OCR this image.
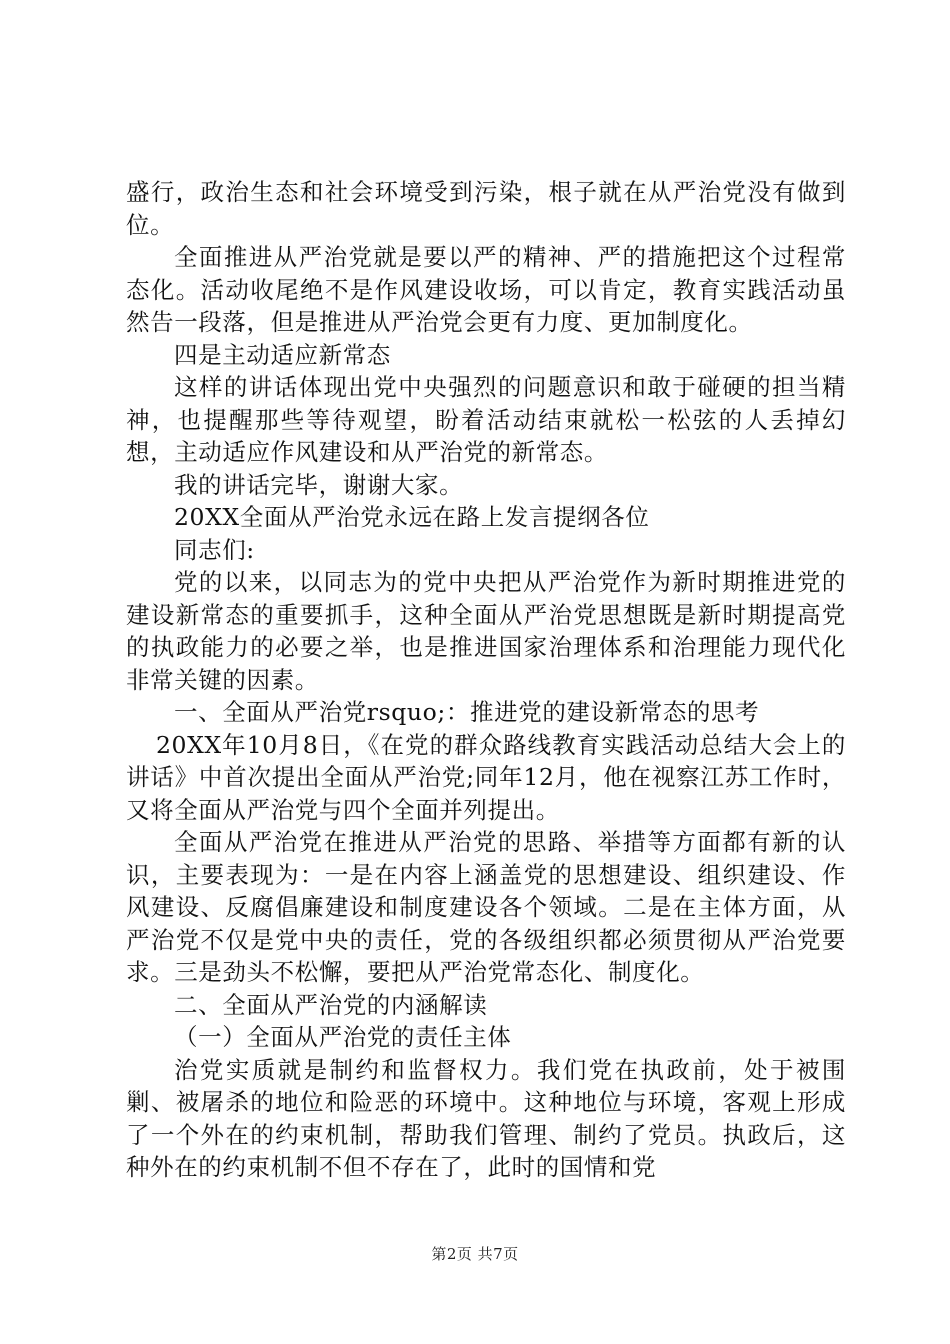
盛行，政治生态和社会环境受到污染，根子就在从严治党没有做到位。

全面推进从严治党就是要以严的精神、严的措施把这个过程常态化。活动收尾绝不是作风建设收场，可以肯定，教育实践活动虽然告一段落，但是推进从严治党会更有力度、更加制度化。

四是主动适应新常态

这样的讲话体现出党中央强烈的问题意识和敢于碰硬的担当精神，也提醒那些等待观望，盼着活动结束就松一松弦的人丢掉幻想，主动适应作风建设和从严治党的新常态。

我的讲话完毕，谢谢大家。

20XX全面从严治党永远在路上发言提纲各位

同志们:

党的以来，以同志为的党中央把从严治党作为新时期推进党的建设新常态的重要抓手，这种全面从严治党思想既是新时期提高党的执政能力的必要之举，也是推进国家治理体系和治理能力现代化非常关键的因素。

一、全面从严治党rsquo;：推进党的建设新常态的思考

20XX年10月8日，《在党的群众路线教育实践活动总结大会上的讲话》中首次提出全面从严治党;同年12月，他在视察江苏工作时，又将全面从严治党与四个全面并列提出。

全面从严治党在推进从严治党的思路、举措等方面都有新的认识，主要表现为：一是在内容上涵盖党的思想建设、组织建设、作风建设、反腐倡廉建设和制度建设各个领域。二是在主体方面，从严治党不仅是党中央的责任，党的各级组织都必须贯彻从严治党要求。三是劲头不松懈，要把从严治党常态化、制度化。

二、全面从严治党的内涵解读

（一）全面从严治党的责任主体

治党实质就是制约和监督权力。我们党在执政前，处于被围剿、被屠杀的地位和险恶的环境中。这种地位与环境，客观上形成了一个外在的约束机制，帮助我们管理、制约了党员。执政后，这种外在的约束机制不但不存在了，此时的国情和党

第2页 共7页
